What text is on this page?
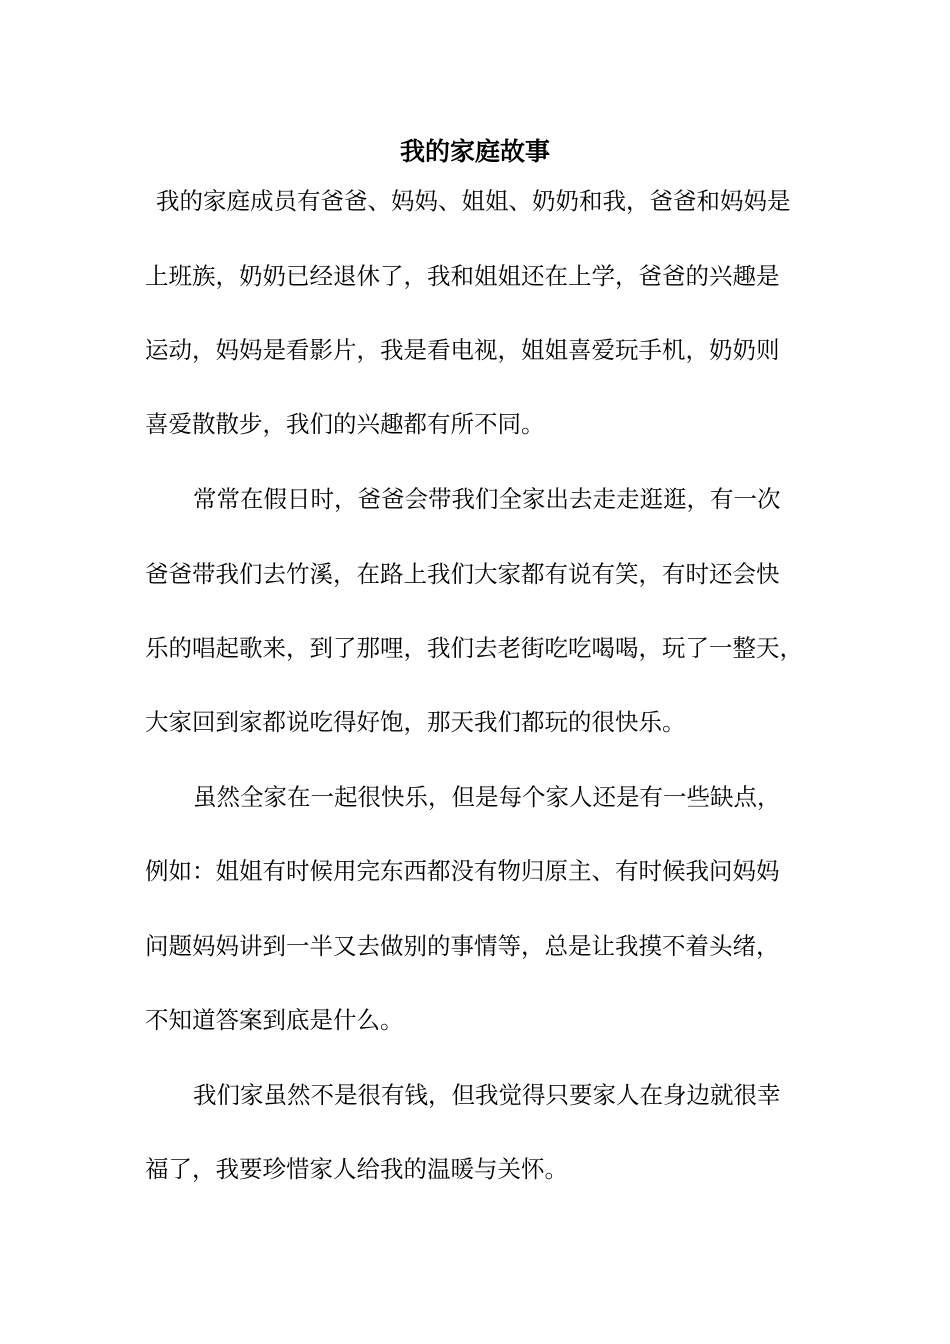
我的家庭故事
我的家庭成员有爸爸、妈妈、姐姐、奶奶和我，爸爸和妈妈是
上班族，奶奶已经退休了，我和姐姐还在上学，爸爸的兴趣是
运动，妈妈是看影片，我是看电视，姐姐喜爱玩手机，奶奶则
喜爱散散步，我们的兴趣都有所不同。
常常在假日时，爸爸会带我们全家出去走走逛逛，有一次
爸爸带我们去竹溪，在路上我们大家都有说有笑，有时还会快
乐的唱起歌来，到了那哩，我们去老街吃吃喝喝，玩了一整天，
大家回到家都说吃得好饱，那天我们都玩的很快乐。
虽然全家在一起很快乐，但是每个家人还是有一些缺点，
例如：姐姐有时候用完东西都没有物归原主、有时候我问妈妈
问题妈妈讲到一半又去做别的事情等，总是让我摸不着头绪，
不知道答案到底是什么。
我们家虽然不是很有钱，但我觉得只要家人在身边就很幸
福了，我要珍惜家人给我的温暖与关怀。
